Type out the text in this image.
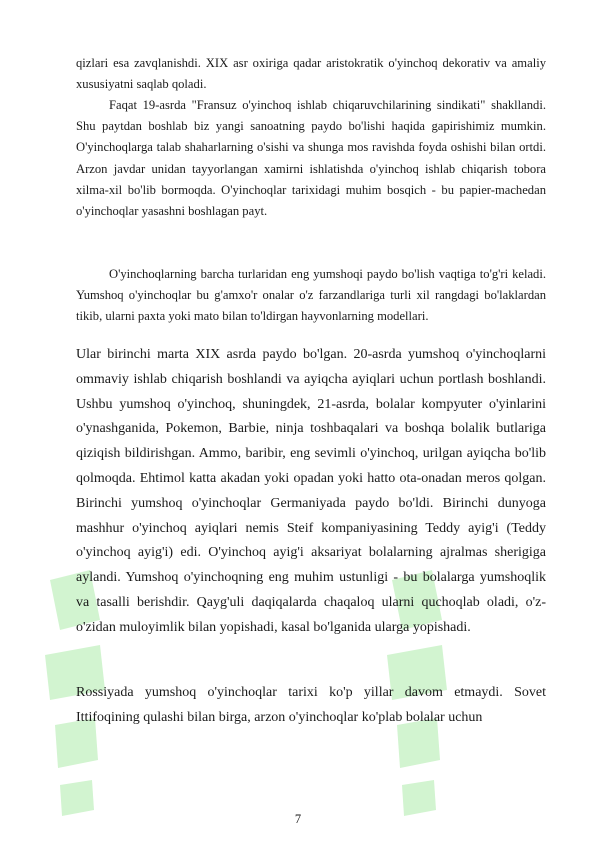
qizlari esa zavqlanishdi. XIX asr oxiriga qadar aristokratik o'yinchoq dekorativ va amaliy xususiyatni saqlab qoladi.

Faqat 19-asrda "Fransuz o'yinchoq ishlab chiqaruvchilarining sindikati" shakllandi. Shu paytdan boshlab biz yangi sanoatning paydo bo'lishi haqida gapirishimiz mumkin. O'yinchoqlarga talab shaharlarning o'sishi va shunga mos ravishda foyda oshishi bilan ortdi. Arzon javdar unidan tayyorlangan xamirni ishlatishda o'yinchoq ishlab chiqarish tobora xilma-xil bo'lib bormoqda. O'yinchoqlar tarixidagi muhim bosqich - bu papier-machedan o'yinchoqlar yasashni boshlagan payt.

O'yinchoqlarning barcha turlaridan eng yumshoqi paydo bo'lish vaqtiga to'g'ri keladi. Yumshoq o'yinchoqlar bu g'amxo'r onalar o'z farzandlariga turli xil rangdagi bo'laklardan tikib, ularni paxta yoki mato bilan to'ldirgan hayvonlarning modellari.

Ular birinchi marta XIX asrda paydo bo'lgan. 20-asrda yumshoq o'yinchoqlarni ommaviy ishlab chiqarish boshlandi va ayiqcha ayiqlari uchun portlash boshlandi. Ushbu yumshoq o'yinchoq, shuningdek, 21-asrda, bolalar kompyuter o'yinlarini o'ynashganida, Pokemon, Barbie, ninja toshbaqalari va boshqa bolalik butlariga qiziqish bildirishgan. Ammo, baribir, eng sevimli o'yinchoq, urilgan ayiqcha bo'lib qolmoqda. Ehtimol katta akadan yoki opadan yoki hatto ota-onadan meros qolgan. Birinchi yumshoq o'yinchoqlar Germaniyada paydo bo'ldi. Birinchi dunyoga mashhur o'yinchoq ayiqlari nemis Steif kompaniyasining Teddy ayig'i (Teddy o'yinchoq ayig'i) edi. O'yinchoq ayig'i aksariyat bolalarning ajralmas sherigiga aylandi. Yumshoq o'yinchoqning eng muhim ustunligi - bu bolalarga yumshoqlik va tasalli berishdir. Qayg'uli daqiqalarda chaqaloq ularni quchoqlab oladi, o'z-o'zidan muloyimlik bilan yopishadi, kasal bo'lganida ularga yopishadi.

Rossiyada yumshoq o'yinchoqlar tarixi ko'p yillar davom etmaydi. Sovet Ittifoqining qulashi bilan birga, arzon o'yinchoqlar ko'plab bolalar uchun

7
